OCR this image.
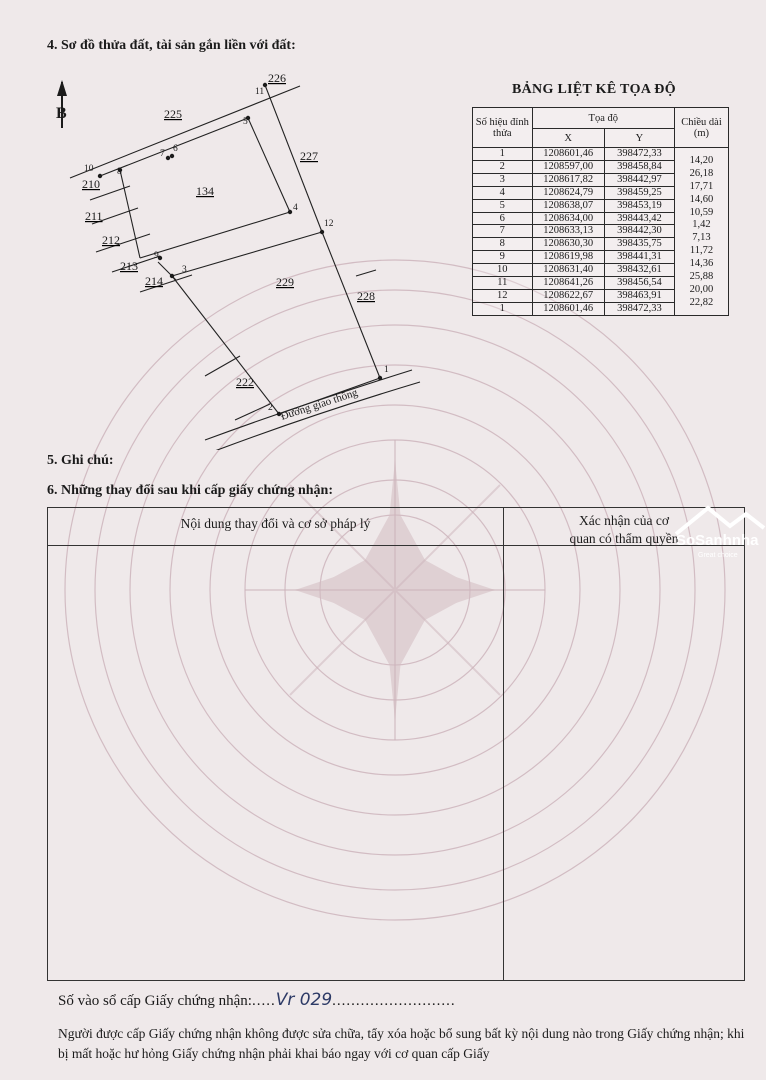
4. Sơ đồ thửa đất, tài sản gắn liền với đất:
B	225
226
227
228
229
222
210
211
212
213
214
134
1
2
3
4
5
6
7
8
9
10
11
12
Đường giao thông
BẢNG LIỆT KÊ TỌA ĐỘ
Số hiệu đỉnh thửa	Tọa độ		Chiều dài (m)
	X	Y	
1	1208601,46	398472,33	
2	1208597,00	398458,84	14,20
3	1208617,82	398442,97	26,18
4	1208624,79	398459,25	17,71
5	1208638,07	398453,19	14,60
6	1208634,00	398443,42	10,59
7	1208633,13	398442,30	1,42
8	1208630,30	398435,75	7,13
9	1208619,98	398441,31	11,72
10	1208631,40	398432,61	14,36
11	1208641,26	398456,54	25,88
12	1208622,67	398463,91	20,00
1	1208601,46	398472,33	22,82
5. Ghi chú:
6. Những thay đổi sau khi cấp giấy chứng nhận:
Nội dung thay đổi và cơ sở pháp lý	Xác nhận của cơ
quan có thẩm quyền
SoSanhnha
Great choice
Số vào sổ cấp Giấy chứng nhận:.....Vr 029..........................
Người được cấp Giấy chứng nhận không được sửa chữa, tẩy xóa hoặc bổ sung bất kỳ nội dung nào trong Giấy chứng nhận; khi bị mất hoặc hư hỏng Giấy chứng nhận phải khai báo ngay với cơ quan cấp Giấy
